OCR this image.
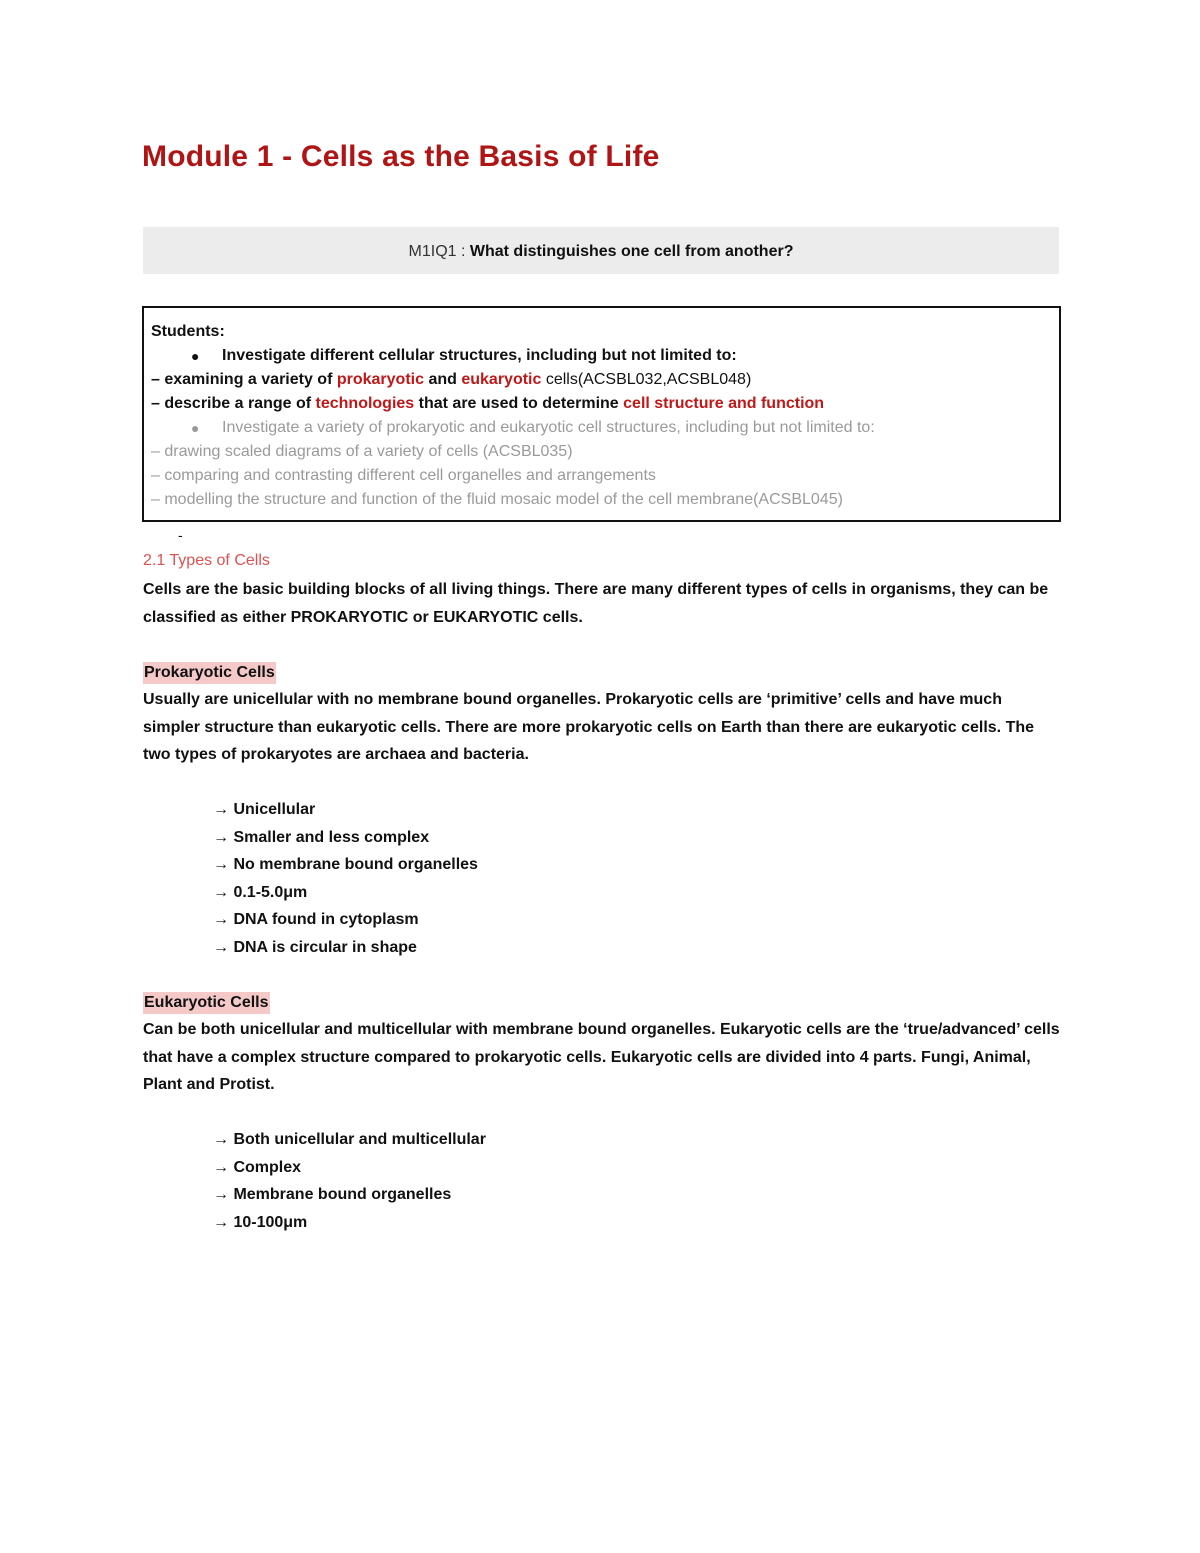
Module 1 - Cells as the Basis of Life
M1IQ1 : What distinguishes one cell from another?
Students:
● Investigate different cellular structures, including but not limited to:
– examining a variety of prokaryotic and eukaryotic cells(ACSBL032,ACSBL048)
– describe a range of technologies that are used to determine cell structure and function
● Investigate a variety of prokaryotic and eukaryotic cell structures, including but not limited to:
– drawing scaled diagrams of a variety of cells (ACSBL035)
– comparing and contrasting different cell organelles and arrangements
– modelling the structure and function of the fluid mosaic model of the cell membrane(ACSBL045)
-
2.1 Types of Cells

Cells are the basic building blocks of all living things. There are many different types of cells in organisms, they can be classified as either PROKARYOTIC or EUKARYOTIC cells.

Prokaryotic Cells

Usually are unicellular with no membrane bound organelles. Prokaryotic cells are ‘primitive’ cells and have much simpler structure than eukaryotic cells. There are more prokaryotic cells on Earth than there are eukaryotic cells. The two types of prokaryotes are archaea and bacteria.

→ Unicellular
→ Smaller and less complex
→ No membrane bound organelles
→ 0.1-5.0μm
→ DNA found in cytoplasm
→ DNA is circular in shape
Eukaryotic Cells

Can be both unicellular and multicellular with membrane bound organelles. Eukaryotic cells are the ‘true/advanced’ cells that have a complex structure compared to prokaryotic cells. Eukaryotic cells are divided into 4 parts. Fungi, Animal, Plant and Protist.

→ Both unicellular and multicellular
→ Complex
→ Membrane bound organelles
→ 10-100μm
